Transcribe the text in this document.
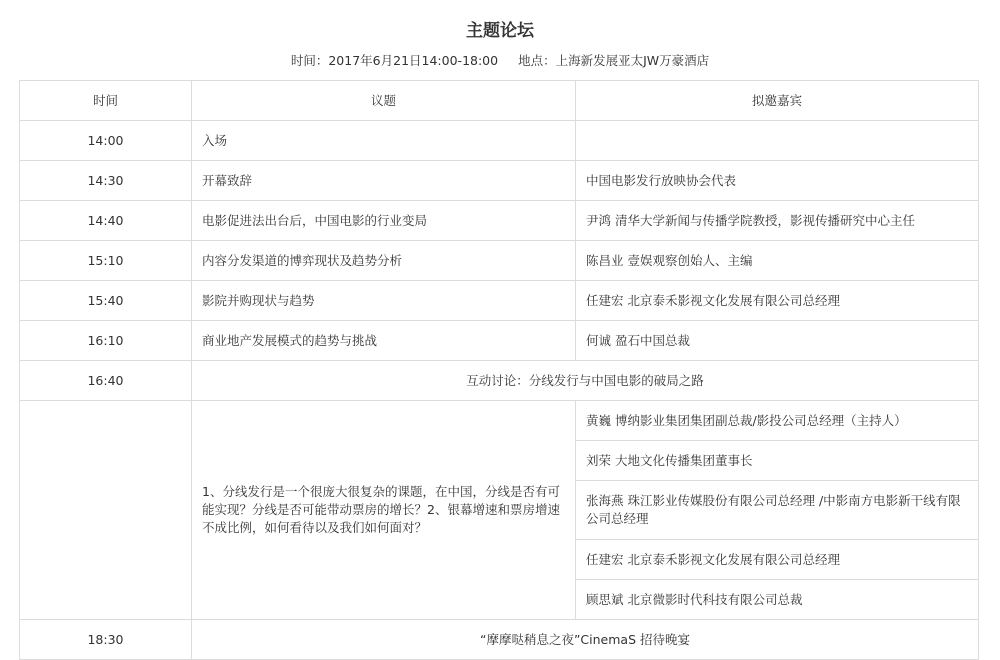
主题论坛
时间：2017年6月21日14:00-18:00 地点：上海新发展亚太JW万豪酒店
时间	议题	拟邀嘉宾
14:00	入场	
14:30	开幕致辞	中国电影发行放映协会代表
14:40	电影促进法出台后，中国电影的行业变局	尹鸿 清华大学新闻与传播学院教授，影视传播研究中心主任
15:10	内容分发渠道的博弈现状及趋势分析	陈昌业 壹娱观察创始人、主编
15:40	影院并购现状与趋势	任建宏 北京泰禾影视文化发展有限公司总经理
16:10	商业地产发展模式的趋势与挑战	何诚 盈石中国总裁
16:40	互动讨论：分线发行与中国电影的破局之路	
	1、分线发行是一个很庞大很复杂的课题，在中国，分线是否有可能实现？分线是否可能带动票房的增长？2、银幕增速和票房增速不成比例，如何看待以及我们如何面对？	黄巍 博纳影业集团集团副总裁/影投公司总经理（主持人）
		刘荣 大地文化传播集团董事长
		张海燕 珠江影业传媒股份有限公司总经理 /中影南方电影新干线有限公司总经理
		任建宏 北京泰禾影视文化发展有限公司总经理
		顾思斌 北京微影时代科技有限公司总裁
18:30	“摩摩哒稍息之夜”CinemaS 招待晚宴	
